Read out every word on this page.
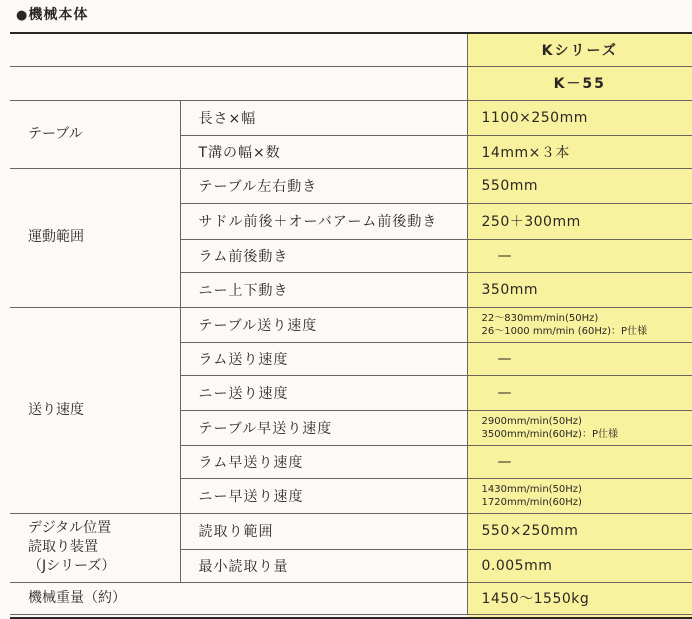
●機械本体
		Kシリーズ
		K－55

テーブル	長さ×幅	1100×250mm
	T溝の幅×数	14mm×３本

運動範囲	テーブル左右動き	550mm
	サドル前後＋オーバアーム前後動き	250＋300mm
	ラム前後動き	—
	ニー上下動き	350mm

送り速度	テーブル送り速度	22～830mm/min(50Hz)
26～1000 mm/min (60Hz)：P仕様

	ラム送り速度	—
	ニー送り速度	—
	テーブル早送り速度	2900mm/min(50Hz)
3500mm/min(60Hz)：P仕様

	ラム早送り速度	—
	ニー早送り速度	1430mm/min(50Hz)
1720mm/min(60Hz)

デジタル位置
読取り装置
（Jシリーズ）	読取り範囲	550×250mm
	最小読取り量	0.005mm
機械重量（約）		1450～1550kg
